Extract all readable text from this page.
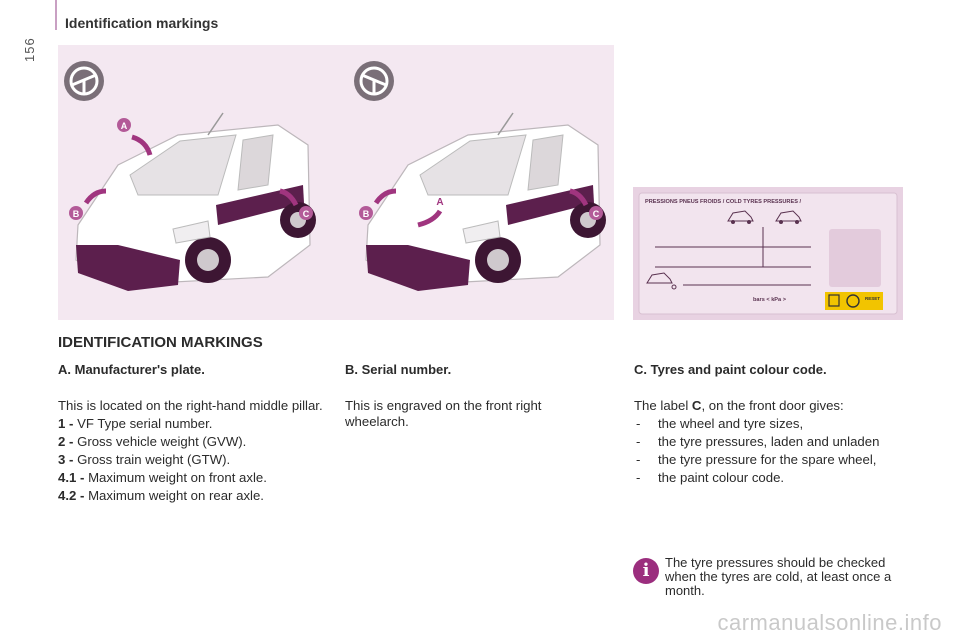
156
Identification markings
A
B	C
A
B	C
PRESSIONS PNEUS FROIDS / COLD TYRES PRESSURES /
bars < kPa >	RESET
IDENTIFICATION MARKINGS
A. Manufacturer's plate.

This is located on the right-hand middle pillar.

1 - VF Type serial number.
2 - Gross vehicle weight (GVW).
3 - Gross train weight (GTW).
4.1 - Maximum weight on front axle.
4.2 - Maximum weight on rear axle.
B. Serial number.

This is engraved on the front right wheelarch.

C. Tyres and paint colour code.

The label C, on the front door gives:

- the wheel and tyre sizes,
- the tyre pressures, laden and unladen
- the tyre pressure for the spare wheel,
- the paint colour code.
i	The tyre pressures should be checked when the tyres are cold, at least once a month.
carmanualsonline.info
